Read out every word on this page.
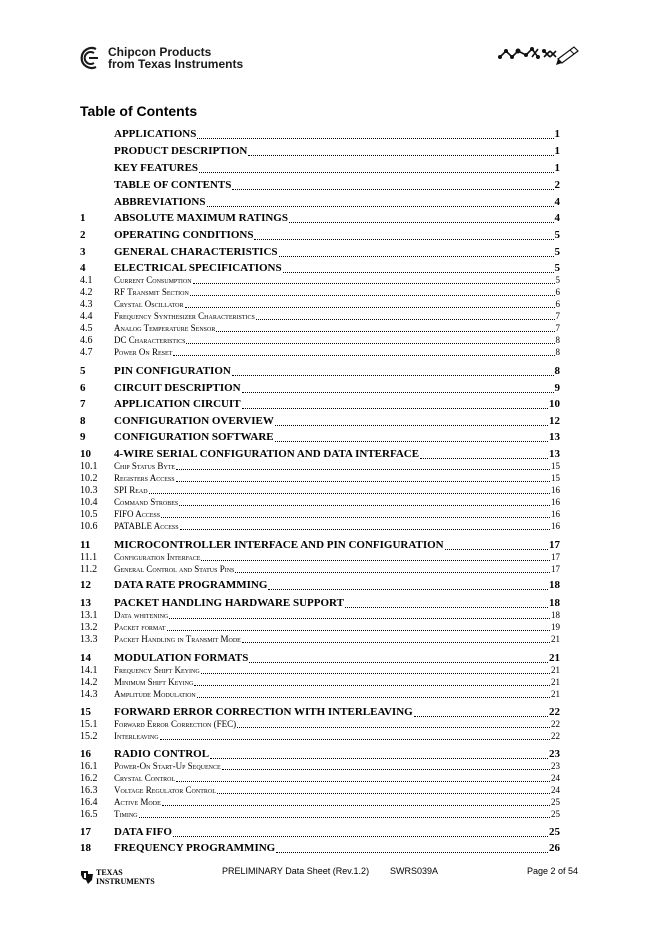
Chipcon Products
from Texas Instruments
Table of Contents
APPLICATIONS	1
PRODUCT DESCRIPTION	1
KEY FEATURES	1
TABLE OF CONTENTS	2
ABBREVIATIONS	4
1	ABSOLUTE MAXIMUM RATINGS	4
2	OPERATING CONDITIONS	5
3	GENERAL CHARACTERISTICS	5
4	ELECTRICAL SPECIFICATIONS	5
4.1	Current Consumption	5
4.2	RF Transmit Section	6
4.3	Crystal Oscillator	6
4.4	Frequency Synthesizer Characteristics	7
4.5	Analog Temperature Sensor	7
4.6	DC Characteristics	8
4.7	Power On Reset	8
5	PIN CONFIGURATION	8
6	CIRCUIT DESCRIPTION	9
7	APPLICATION CIRCUIT	10
8	CONFIGURATION OVERVIEW	12
9	CONFIGURATION SOFTWARE	13
10	4-WIRE SERIAL CONFIGURATION AND DATA INTERFACE	13
10.1	Chip Status Byte	15
10.2	Registers Access	15
10.3	SPI Read	16
10.4	Command Strobes	16
10.5	FIFO Access	16
10.6	PATABLE Access	16
11	MICROCONTROLLER INTERFACE AND PIN CONFIGURATION	17
11.1	Configuration Interface	17
11.2	General Control and Status Pins	17
12	DATA RATE PROGRAMMING	18
13	PACKET HANDLING HARDWARE SUPPORT	18
13.1	Data whitening	18
13.2	Packet format	19
13.3	Packet Handling in Transmit Mode	21
14	MODULATION FORMATS	21
14.1	Frequency Shift Keying	21
14.2	Minimum Shift Keying	21
14.3	Amplitude Modulation	21
15	FORWARD ERROR CORRECTION WITH INTERLEAVING	22
15.1	Forward Error Correction (FEC)	22
15.2	Interleaving	22
16	RADIO CONTROL	23
16.1	Power-On Start-Up Sequence	23
16.2	Crystal Control	24
16.3	Voltage Regulator Control	24
16.4	Active Mode	25
16.5	Timing	25
17	DATA FIFO	25
18	FREQUENCY PROGRAMMING	26
TEXAS
INSTRUMENTS
PRELIMINARY Data Sheet (Rev.1.2) SWRS039A	Page 2 of 54
